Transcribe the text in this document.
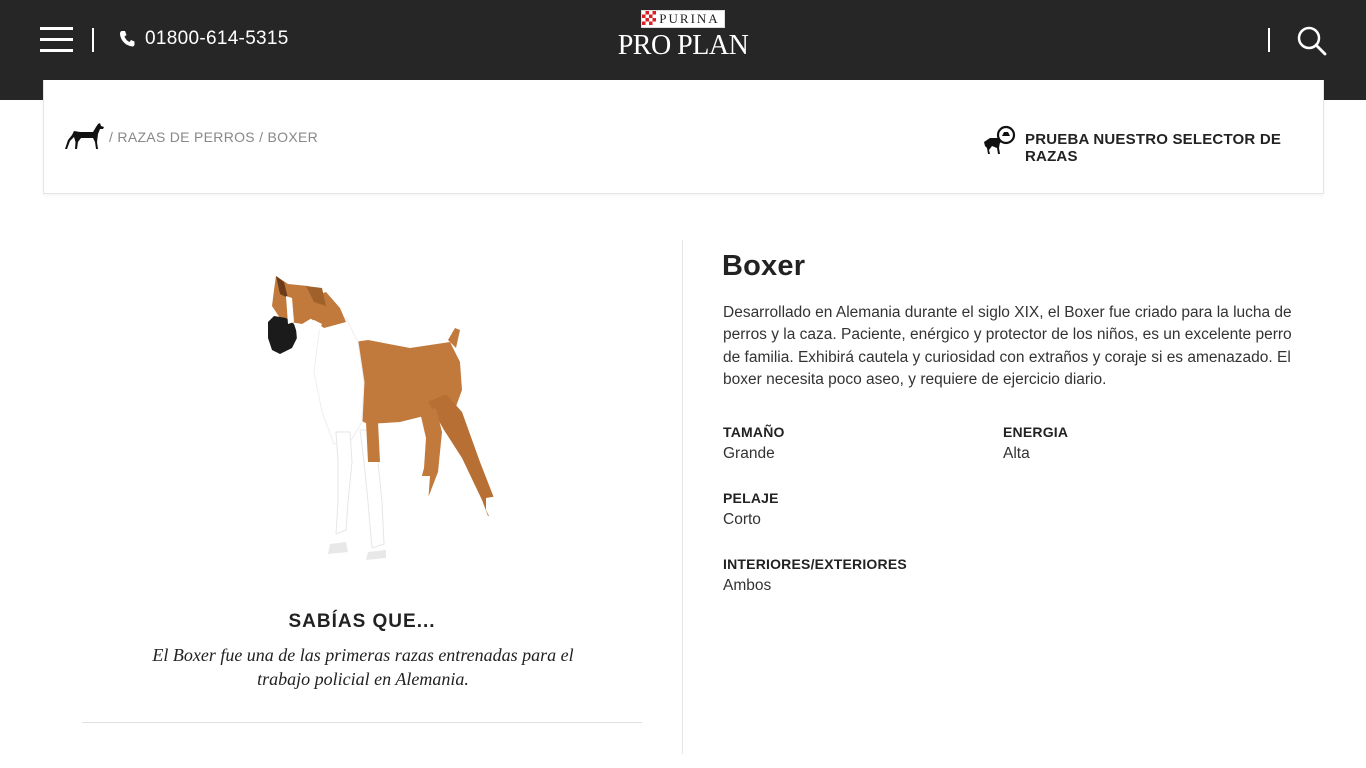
01800-614-5315
PURINA
PRO PLAN
/ RAZAS DE PERROS / BOXER	PRUEBA NUESTRO SELECTOR DE RAZAS
SABÍAS QUE...
El Boxer fue una de las primeras razas entrenadas para el trabajo policial en Alemania.
Boxer
Desarrollado en Alemania durante el siglo XIX, el Boxer fue criado para la lucha de perros y la caza. Paciente, enérgico y protector de los niños, es un excelente perro de familia. Exhibirá cautela y curiosidad con extraños y coraje si es amenazado. El boxer necesita poco aseo, y requiere de ejercicio diario.
TAMAÑO
Grande
ENERGIA
Alta
PELAJE
Corto
INTERIORES/EXTERIORES
Ambos
